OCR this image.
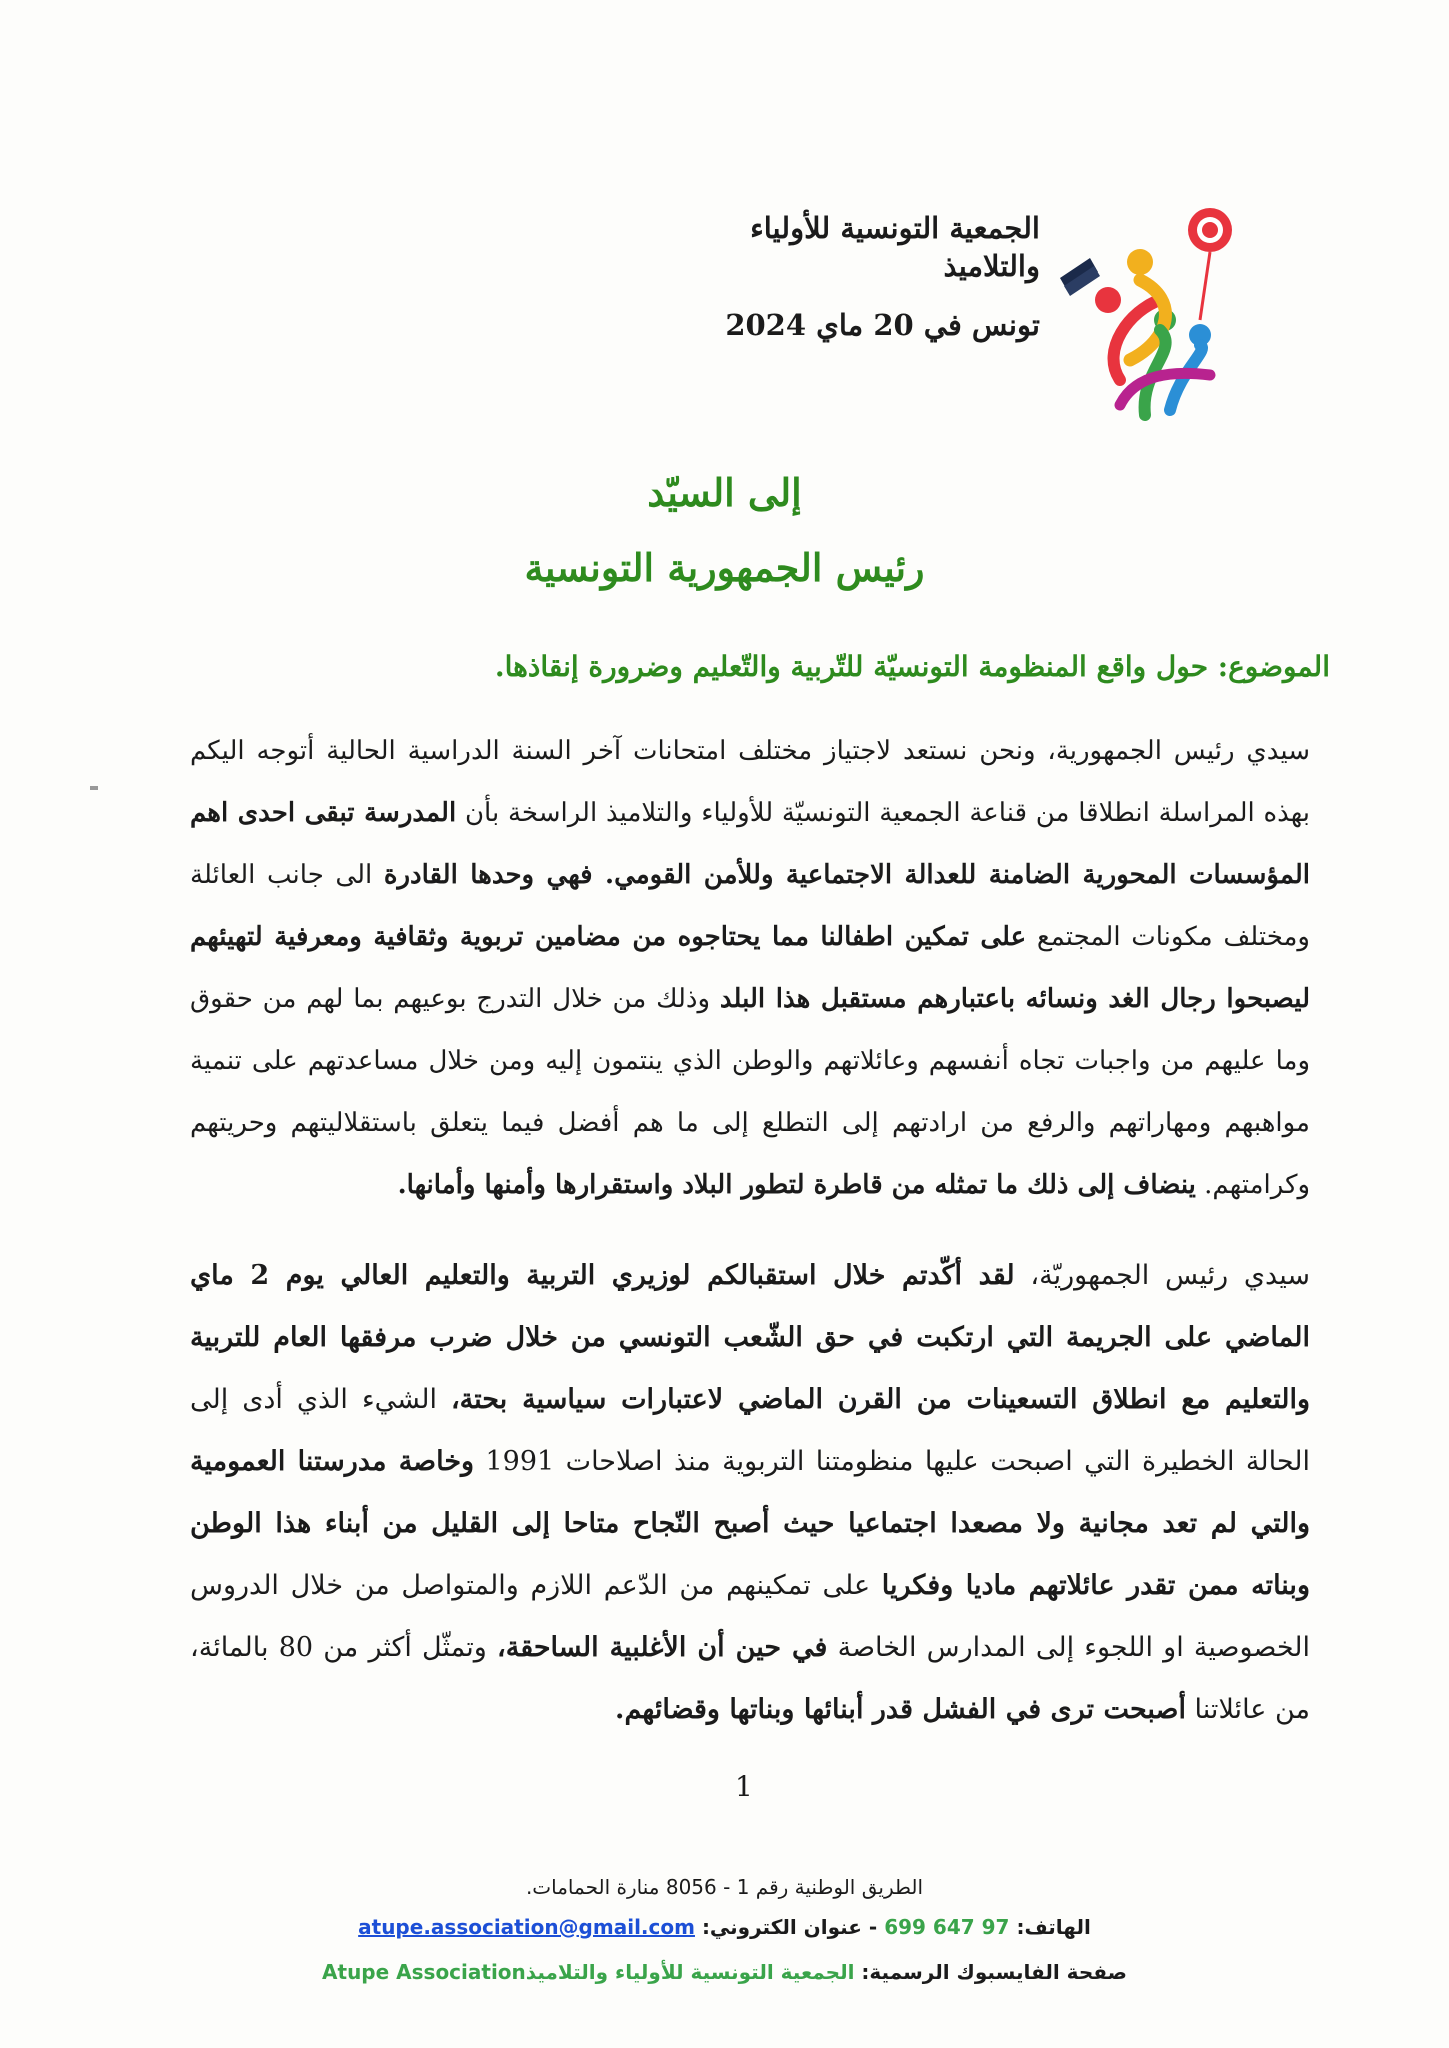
الجمعية التونسية للأولياء والتلاميذ

تونس في 20 ماي 2024

إلى السيّد
رئيس الجمهورية التونسية
الموضوع: حول واقع المنظومة التونسيّة للتّربية والتّعليم وضرورة إنقاذها.
سيدي رئيس الجمهورية، ونحن نستعد لاجتياز مختلف امتحانات آخر السنة الدراسية الحالية أتوجه اليكم بهذه المراسلة انطلاقا من قناعة الجمعية التونسيّة للأولياء والتلاميذ الراسخة بأن المدرسة تبقى احدى اهم المؤسسات المحورية الضامنة للعدالة الاجتماعية وللأمن القومي. فهي وحدها القادرة الى جانب العائلة ومختلف مكونات المجتمع على تمكين اطفالنا مما يحتاجوه من مضامين تربوية وثقافية ومعرفية لتهيئهم ليصبحوا رجال الغد ونسائه باعتبارهم مستقبل هذا البلد وذلك من خلال التدرج بوعيهم بما لهم من حقوق وما عليهم من واجبات تجاه أنفسهم وعائلاتهم والوطن الذي ينتمون إليه ومن خلال مساعدتهم على تنمية مواهبهم ومهاراتهم والرفع من ارادتهم إلى التطلع إلى ما هم أفضل فيما يتعلق باستقلاليتهم وحريتهم وكرامتهم. ينضاف إلى ذلك ما تمثله من قاطرة لتطور البلاد واستقرارها وأمنها وأمانها.
سيدي رئيس الجمهوريّة، لقد أكّدتم خلال استقبالكم لوزيري التربية والتعليم العالي يوم 2 ماي الماضي على الجريمة التي ارتكبت في حق الشّعب التونسي من خلال ضرب مرفقها العام للتربية والتعليم مع انطلاق التسعينات من القرن الماضي لاعتبارات سياسية بحتة، الشيء الذي أدى إلى الحالة الخطيرة التي اصبحت عليها منظومتنا التربوية منذ اصلاحات 1991 وخاصة مدرستنا العمومية والتي لم تعد مجانية ولا مصعدا اجتماعيا حيث أصبح النّجاح متاحا إلى القليل من أبناء هذا الوطن وبناته ممن تقدر عائلاتهم ماديا وفكريا على تمكينهم من الدّعم اللازم والمتواصل من خلال الدروس الخصوصية او اللجوء إلى المدارس الخاصة في حين أن الأغلبية الساحقة، وتمثّل أكثر من 80 بالمائة، من عائلاتنا أصبحت ترى في الفشل قدر أبنائها وبناتها وقضائهم.
1
الطريق الوطنية رقم 1 - 8056 منارة الحمامات.
الهاتف: 97 647 699 - عنوان الكتروني: atupe.association@gmail.com
صفحة الفايسبوك الرسمية: الجمعية التونسية للأولياء والتلاميذAtupe Association
